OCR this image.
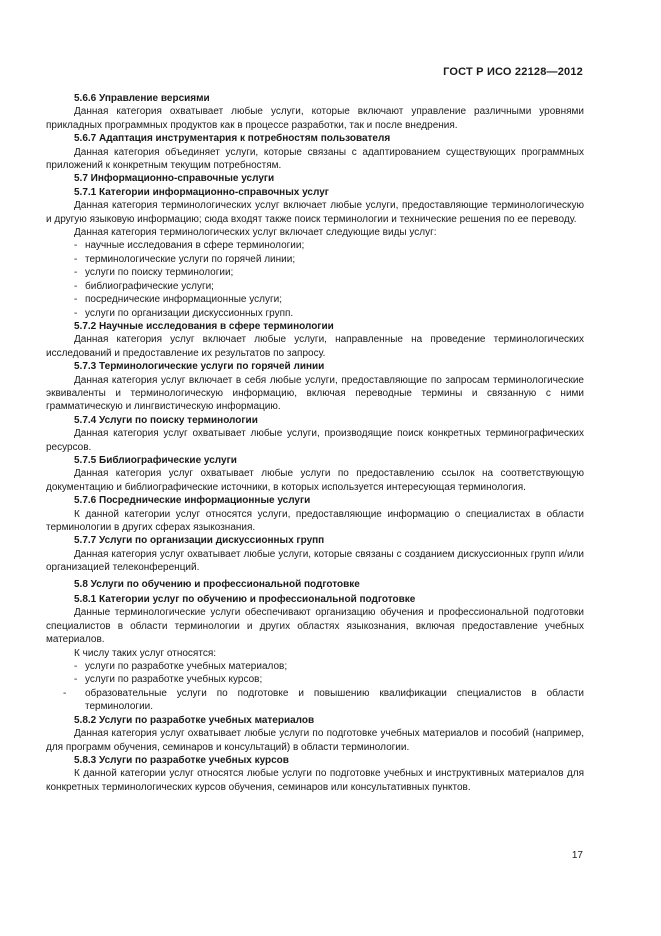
ГОСТ Р ИСО 22128—2012

5.6.6 Управление версиями

Данная категория охватывает любые услуги, которые включают управление различными уровнями прикладных программных продуктов как в процессе разработки, так и после внедрения.

5.6.7 Адаптация инструментария к потребностям пользователя

Данная категория объединяет услуги, которые связаны с адаптированием существующих программных приложений к конкретным текущим потребностям.

5.7 Информационно-справочные услуги

5.7.1 Категории информационно-справочных услуг

Данная категория терминологических услуг включает любые услуги, предоставляющие терминологическую и другую языковую информацию; сюда входят также поиск терминологии и технические решения по ее переводу.

Данная категория терминологических услуг включает следующие виды услуг:

- научные исследования в сфере терминологии;
- терминологические услуги по горячей линии;
- услуги по поиску терминологии;
- библиографические услуги;
- посреднические информационные услуги;
- услуги по организации дискуссионных групп.

5.7.2 Научные исследования в сфере терминологии

Данная категория услуг включает любые услуги, направленные на проведение терминологических исследований и предоставление их результатов по запросу.

5.7.3 Терминологические услуги по горячей линии

Данная категория услуг включает в себя любые услуги, предоставляющие по запросам терминологические эквиваленты и терминологическую информацию, включая переводные термины и связанную с ними грамматическую и лингвистическую информацию.

5.7.4 Услуги по поиску терминологии

Данная категория услуг охватывает любые услуги, производящие поиск конкретных терминографических ресурсов.

5.7.5 Библиографические услуги

Данная категория услуг охватывает любые услуги по предоставлению ссылок на соответствующую документацию и библиографические источники, в которых используется интересующая терминология.

5.7.6 Посреднические информационные услуги

К данной категории услуг относятся услуги, предоставляющие информацию о специалистах в области терминологии в других сферах языкознания.

5.7.7 Услуги по организации дискуссионных групп

Данная категория услуг охватывает любые услуги, которые связаны с созданием дискуссионных групп и/или организацией телеконференций.

5.8 Услуги по обучению и профессиональной подготовке

5.8.1 Категории услуг по обучению и профессиональной подготовке

Данные терминологические услуги обеспечивают организацию обучения и профессиональной подготовки специалистов в области терминологии и других областях языкознания, включая предоставление учебных материалов.

К числу таких услуг относятся:

- услуги по разработке учебных материалов;
- услуги по разработке учебных курсов;
- образовательные услуги по подготовке и повышению квалификации специалистов в области терминологии.

5.8.2 Услуги по разработке учебных материалов

Данная категория услуг охватывает любые услуги по подготовке учебных материалов и пособий (например, для программ обучения, семинаров и консультаций) в области терминологии.

5.8.3 Услуги по разработке учебных курсов

К данной категории услуг относятся любые услуги по подготовке учебных и инструктивных материалов для конкретных терминологических курсов обучения, семинаров или консультативных пунктов.

17
